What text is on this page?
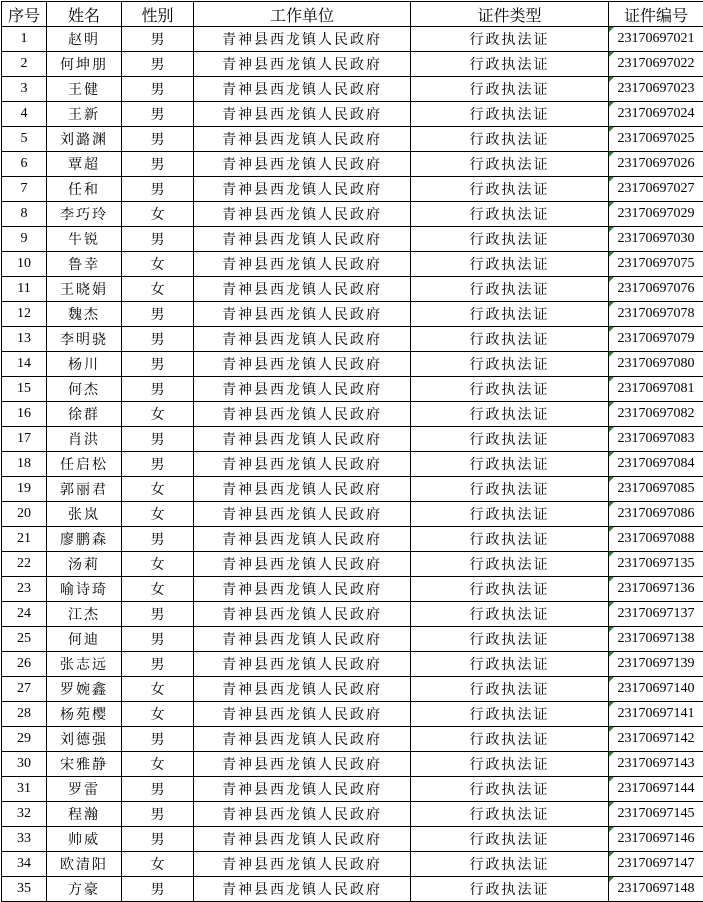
序号	姓名	性别	工作单位	证件类型	证件编号
1	赵明	男	青神县西龙镇人民政府	行政执法证	23170697021
2	何坤朋	男	青神县西龙镇人民政府	行政执法证	23170697022
3	王健	男	青神县西龙镇人民政府	行政执法证	23170697023
4	王新	男	青神县西龙镇人民政府	行政执法证	23170697024
5	刘潞渊	男	青神县西龙镇人民政府	行政执法证	23170697025
6	覃超	男	青神县西龙镇人民政府	行政执法证	23170697026
7	任和	男	青神县西龙镇人民政府	行政执法证	23170697027
8	李巧玲	女	青神县西龙镇人民政府	行政执法证	23170697029
9	牛锐	男	青神县西龙镇人民政府	行政执法证	23170697030
10	鲁幸	女	青神县西龙镇人民政府	行政执法证	23170697075
11	王晓娟	女	青神县西龙镇人民政府	行政执法证	23170697076
12	魏杰	男	青神县西龙镇人民政府	行政执法证	23170697078
13	李明骁	男	青神县西龙镇人民政府	行政执法证	23170697079
14	杨川	男	青神县西龙镇人民政府	行政执法证	23170697080
15	何杰	男	青神县西龙镇人民政府	行政执法证	23170697081
16	徐群	女	青神县西龙镇人民政府	行政执法证	23170697082
17	肖洪	男	青神县西龙镇人民政府	行政执法证	23170697083
18	任启松	男	青神县西龙镇人民政府	行政执法证	23170697084
19	郭丽君	女	青神县西龙镇人民政府	行政执法证	23170697085
20	张岚	女	青神县西龙镇人民政府	行政执法证	23170697086
21	廖鹏森	男	青神县西龙镇人民政府	行政执法证	23170697088
22	汤莉	女	青神县西龙镇人民政府	行政执法证	23170697135
23	喻诗琦	女	青神县西龙镇人民政府	行政执法证	23170697136
24	江杰	男	青神县西龙镇人民政府	行政执法证	23170697137
25	何迪	男	青神县西龙镇人民政府	行政执法证	23170697138
26	张志远	男	青神县西龙镇人民政府	行政执法证	23170697139
27	罗婉鑫	女	青神县西龙镇人民政府	行政执法证	23170697140
28	杨苑樱	女	青神县西龙镇人民政府	行政执法证	23170697141
29	刘德强	男	青神县西龙镇人民政府	行政执法证	23170697142
30	宋雅静	女	青神县西龙镇人民政府	行政执法证	23170697143
31	罗雷	男	青神县西龙镇人民政府	行政执法证	23170697144
32	程瀚	男	青神县西龙镇人民政府	行政执法证	23170697145
33	帅威	男	青神县西龙镇人民政府	行政执法证	23170697146
34	欧清阳	女	青神县西龙镇人民政府	行政执法证	23170697147
35	方豪	男	青神县西龙镇人民政府	行政执法证	23170697148
